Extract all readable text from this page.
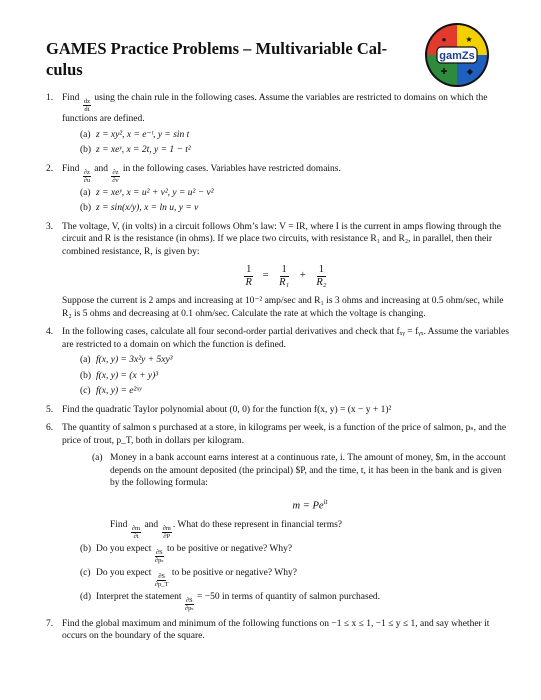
GAMES Practice Problems – Multivariable Cal-
culus
★
●
✚ ◆
gamZs
1. Find $\frac{dz}{dt}$ using the chain rule in the following cases. Assume the variables are restricted to domains on which the functions are defined.
(a) z = xy², x = e⁻ᵗ, y = sin t
(b) z = xeʸ, x = 2t, y = 1 − t²
2. Find $\frac{\partial z}{\partial u}$ and $\frac{\partial z}{\partial v}$ in the following cases. Variables have restricted domains.
(a) z = xeʸ, x = u² + v², y = u² − v²
(b) z = sin(x/y), x = ln u, y = v
3. The voltage, V, (in volts) in a circuit follows Ohm’s law: V = IR, where I is the current in amps flowing through the circuit and R is the resistance (in ohms). If we place two circuits, with resistance R₁ and R₂, in parallel, then their combined resistance, R, is given by:
$\frac{1}{R} = \frac{1}{\text{R₁}} + \frac{1}{\text{R₂}}$
Suppose the current is 2 amps and increasing at 10⁻² amp/sec and R₁ is 3 ohms and increasing at 0.5 ohm/sec, while R₂ is 5 ohms and decreasing at 0.1 ohm/sec. Calculate the rate at which the voltage is changing.
4. In the following cases, calculate all four second-order partial derivatives and check that fₓᵧ = fᵧₓ. Assume the variables are restricted to a domain on which the function is defined.
(a) f(x, y) = 3x²y + 5xy³
(b) f(x, y) = (x + y)³
(c) f(x, y) = e²ˣʸ
5. Find the quadratic Taylor polynomial about (0, 0) for the function f(x, y) = (x − y + 1)²
6. The quantity of salmon s purchased at a store, in kilograms per week, is a function of the price of salmon, pₛ, and the price of trout, p_T, both in dollars per kilogram.
(a) Money in a bank account earns interest at a continuous rate, i. The amount of money, $m, in the account depends on the amount deposited (the principal) $P, and the time, t, it has been in the bank and is given by the following formula:
$m = Pe^{it}$
Find $\frac{\partial m}{\partial t}$ and $\frac{\partial m}{\partial P}$ . What do these represent in financial terms?
(b) Do you expect $\frac{\partial S}{\text{∂pₛ}}$ to be positive or negative? Why?
(c) Do you expect $\frac{\partial S}{\partial p\_T}$ to be positive or negative? Why?
(d) Interpret the statement $\frac{\partial S}{\text{∂pₛ}} = -50$ in terms of quantity of salmon purchased.
7. Find the global maximum and minimum of the following functions on −1 ≤ x ≤ 1, −1 ≤ y ≤ 1, and say whether it occurs on the boundary of the square.
